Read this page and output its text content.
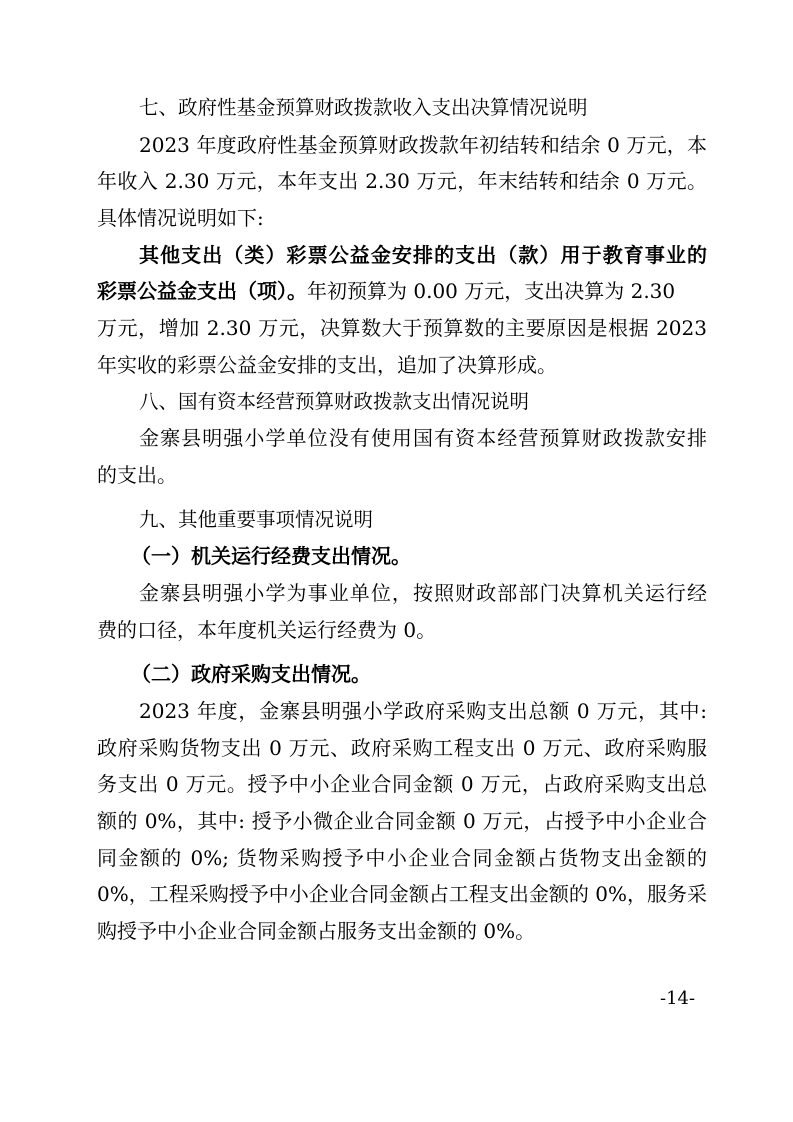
七、政府性基金预算财政拨款收入支出决算情况说明
2023 年度政府性基金预算财政拨款年初结转和结余 0 万元，本
年收入 2.30 万元，本年支出 2.30 万元，年末结转和结余 0 万元。
具体情况说明如下:
其他支出（类）彩票公益金安排的支出（款）用于教育事业的
彩票公益金支出（项）。年初预算为 0.00 万元，支出决算为 2.30
万元，增加 2.30 万元，决算数大于预算数的主要原因是根据 2023
年实收的彩票公益金安排的支出，追加了决算形成。
八、国有资本经营预算财政拨款支出情况说明
金寨县明强小学单位没有使用国有资本经营预算财政拨款安排
的支出。
九、其他重要事项情况说明
（一）机关运行经费支出情况。
金寨县明强小学为事业单位，按照财政部部门决算机关运行经
费的口径，本年度机关运行经费为 0。
（二）政府采购支出情况。
2023 年度，金寨县明强小学政府采购支出总额 0 万元，其中:
政府采购货物支出 0 万元、政府采购工程支出 0 万元、政府采购服
务支出 0 万元。授予中小企业合同金额 0 万元，占政府采购支出总
额的 0%，其中: 授予小微企业合同金额 0 万元，占授予中小企业合
同金额的 0%; 货物采购授予中小企业合同金额占货物支出金额的
0%，工程采购授予中小企业合同金额占工程支出金额的 0%，服务采
购授予中小企业合同金额占服务支出金额的 0%。
-14-
